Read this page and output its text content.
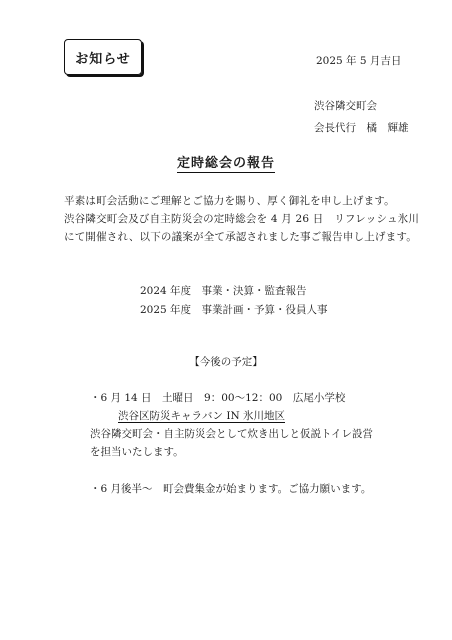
お知らせ	2025 年 5 月吉日
渋谷隣交町会
会長代行　橘　輝雄
定時総会の報告
平素は町会活動にご理解とご協力を賜り、厚く御礼を申し上げます。
渋谷隣交町会及び自主防災会の定時総会を 4 月 26 日　リフレッシュ氷川
にて開催され、以下の議案が全て承認されました事ご報告申し上げます。
2024 年度　事業・決算・監査報告
2025 年度　事業計画・予算・役員人事
【今後の予定】
・6 月 14 日　土曜日　9：00～12：00　広尾小学校
渋谷区防災キャラバン IN 氷川地区
渋谷隣交町会・自主防災会として炊き出しと仮説トイレ設営
を担当いたします。
・6 月後半～　町会費集金が始まります。ご協力願います。
